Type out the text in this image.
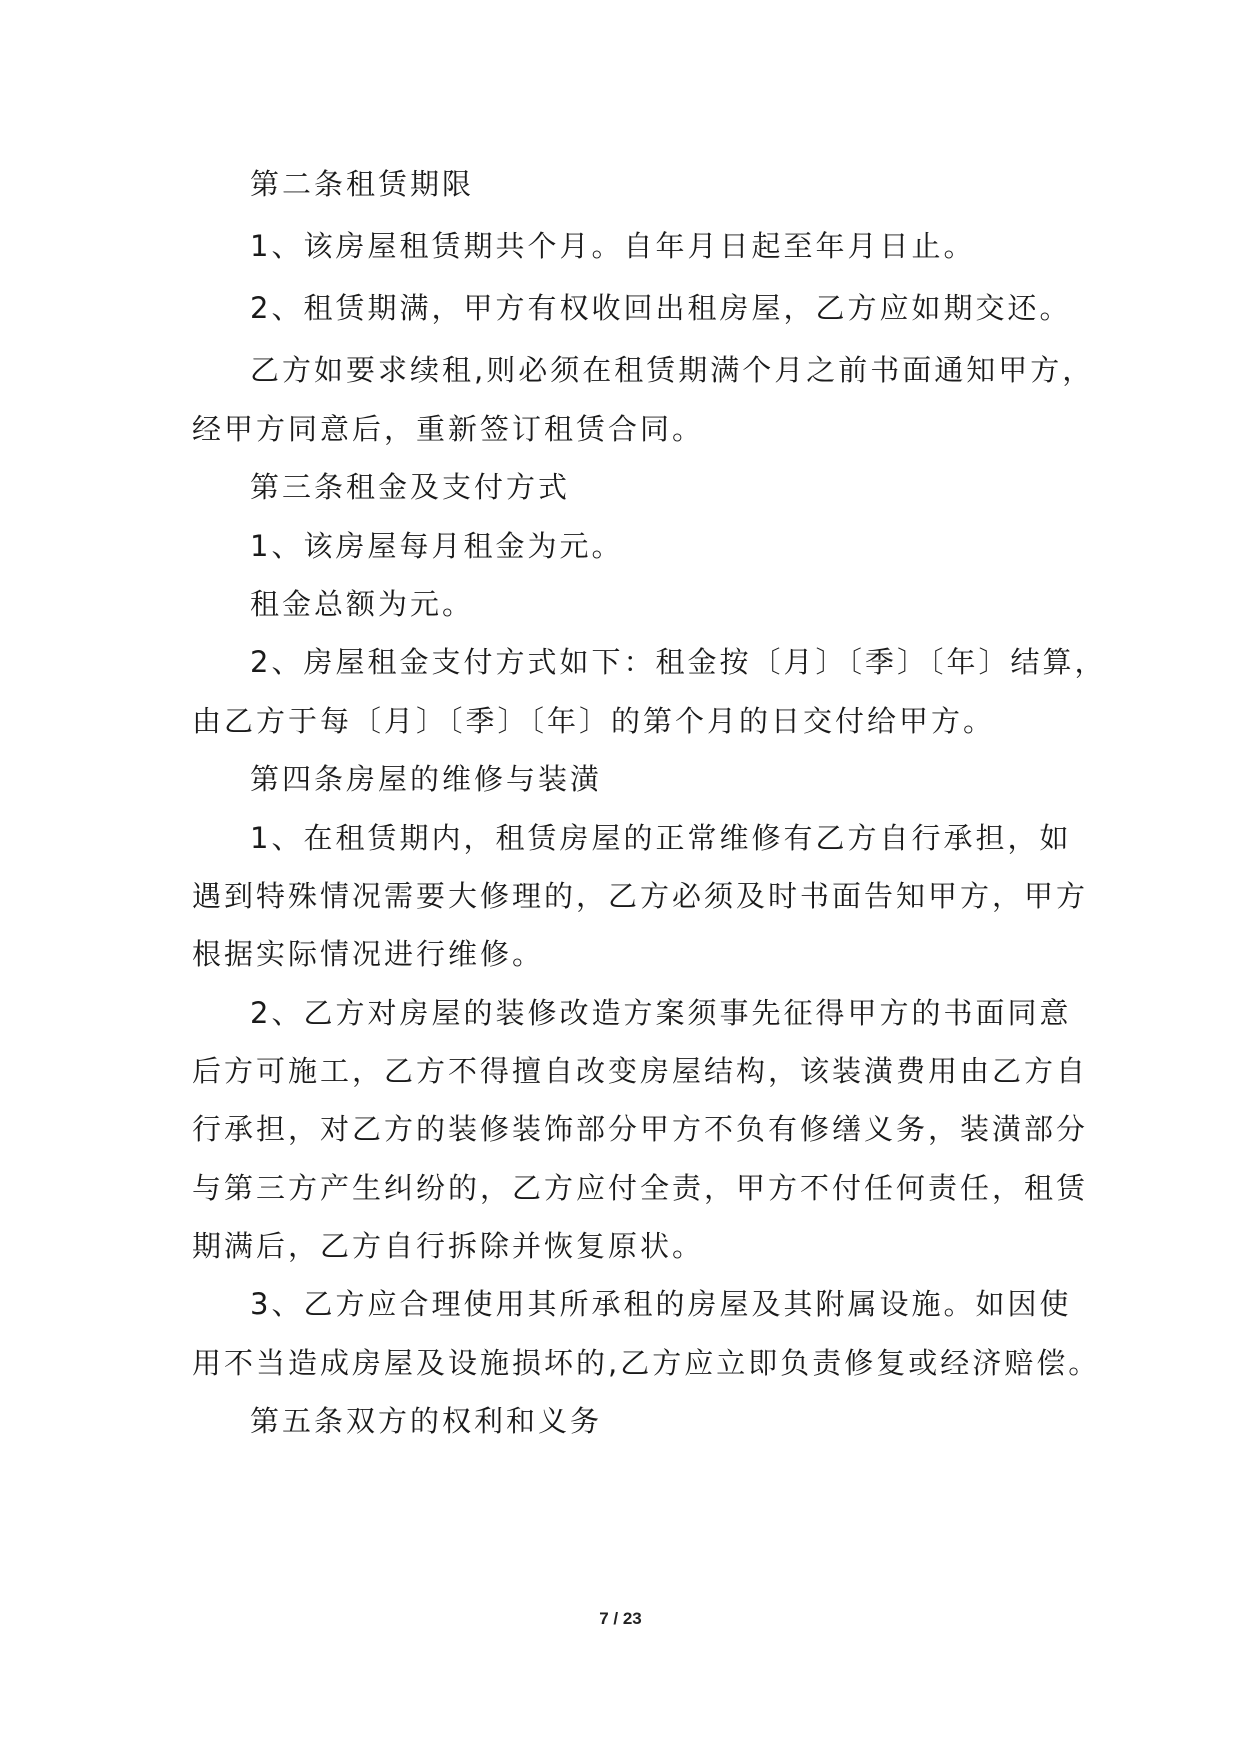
第二条租赁期限

1、该房屋租赁期共个月。自年月日起至年月日止。

2、租赁期满，甲方有权收回出租房屋，乙方应如期交还。

乙方如要求续租,则必须在租赁期满个月之前书面通知甲方，

经甲方同意后，重新签订租赁合同。

第三条租金及支付方式

1、该房屋每月租金为元。

租金总额为元。

2、房屋租金支付方式如下：租金按〔月〕〔季〕〔年〕结算，

由乙方于每〔月〕〔季〕〔年〕的第个月的日交付给甲方。

第四条房屋的维修与装潢

1、在租赁期内，租赁房屋的正常维修有乙方自行承担，如

遇到特殊情况需要大修理的，乙方必须及时书面告知甲方，甲方

根据实际情况进行维修。

2、乙方对房屋的装修改造方案须事先征得甲方的书面同意

后方可施工，乙方不得擅自改变房屋结构，该装潢费用由乙方自

行承担，对乙方的装修装饰部分甲方不负有修缮义务，装潢部分

与第三方产生纠纷的，乙方应付全责，甲方不付任何责任，租赁

期满后，乙方自行拆除并恢复原状。

3、乙方应合理使用其所承租的房屋及其附属设施。如因使

用不当造成房屋及设施损坏的,乙方应立即负责修复或经济赔偿。

第五条双方的权利和义务

7 / 23
